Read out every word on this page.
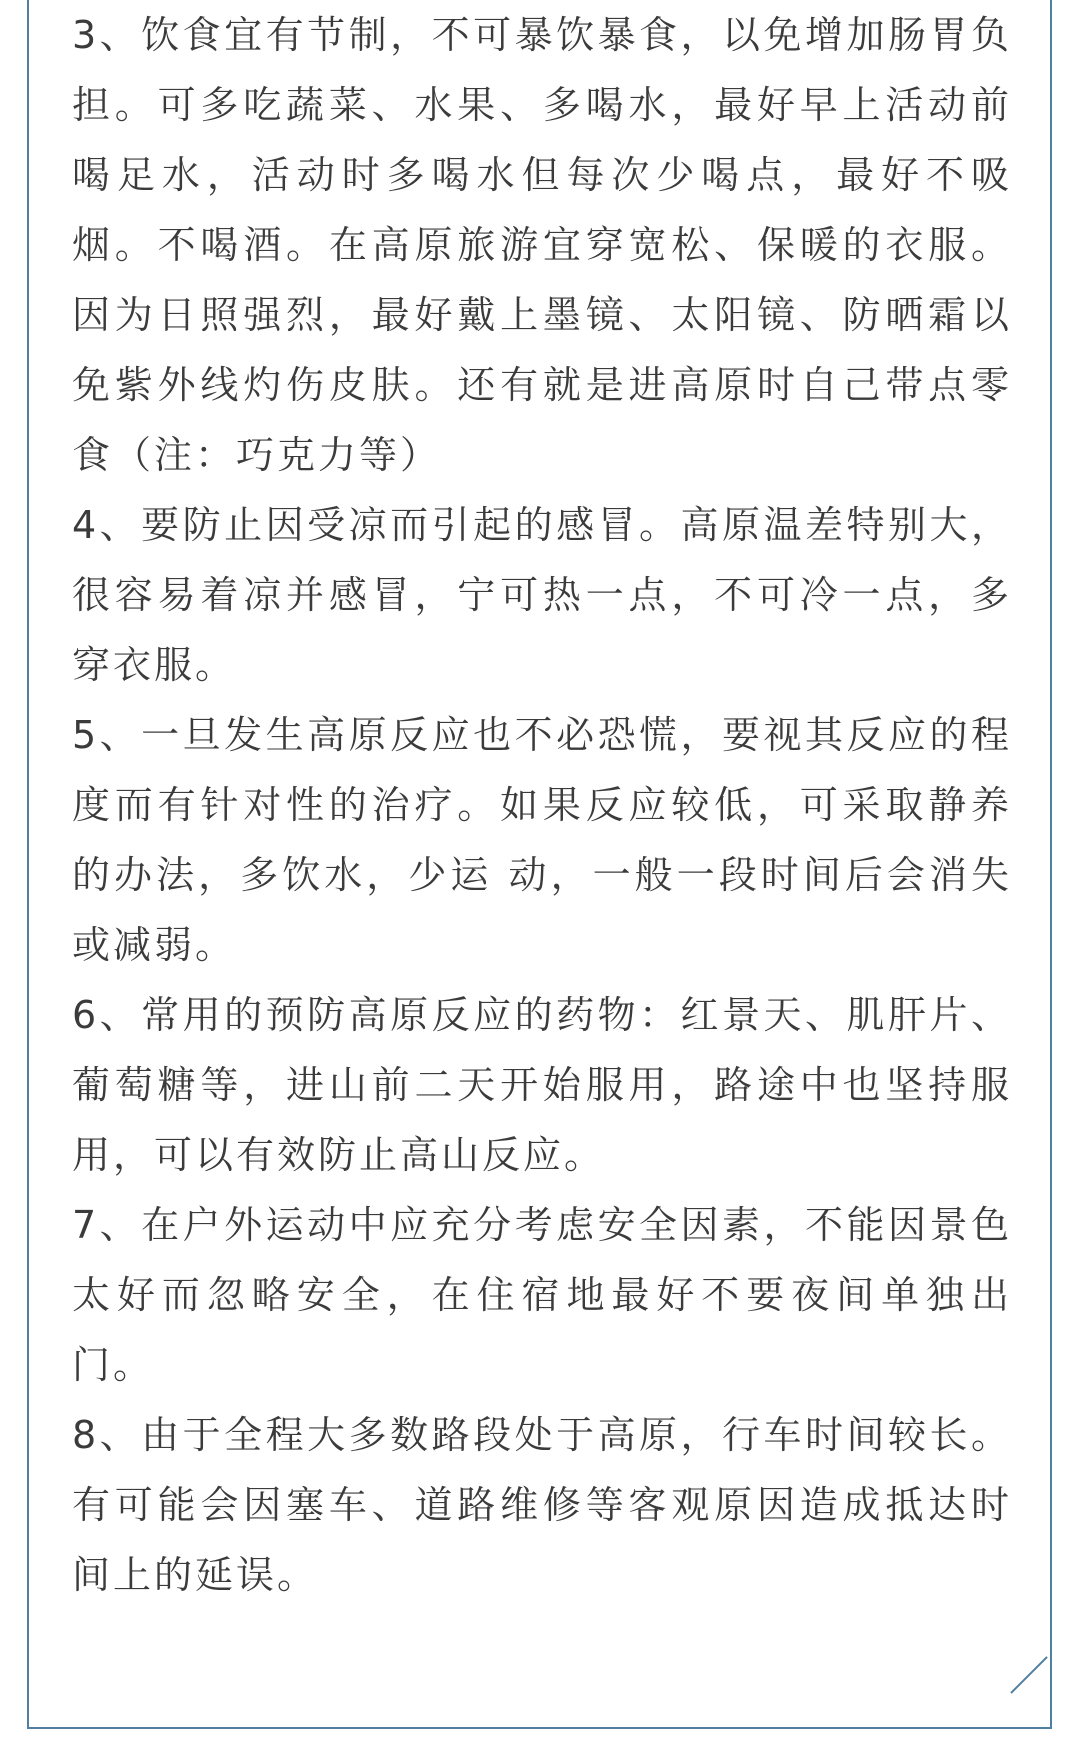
3、饮食宜有节制，不可暴饮暴食，以免增加肠胃负担。可多吃蔬菜、水果、多喝水，最好早上活动前喝足水，活动时多喝水但每次少喝点，最好不吸烟。不喝酒。在高原旅游宜穿宽松、保暖的衣服。因为日照强烈，最好戴上墨镜、太阳镜、防晒霜以免紫外线灼伤皮肤。还有就是进高原时自己带点零食（注：巧克力等）

4、要防止因受凉而引起的感冒。高原温差特别大，很容易着凉并感冒，宁可热一点，不可冷一点，多穿衣服。

5、一旦发生高原反应也不必恐慌，要视其反应的程度而有针对性的治疗。如果反应较低，可采取静养的办法，多饮水，少运 动，一般一段时间后会消失或减弱。

6、常用的预防高原反应的药物：红景天、肌肝片、葡萄糖等，进山前二天开始服用，路途中也坚持服用，可以有效防止高山反应。

7、在户外运动中应充分考虑安全因素，不能因景色太好而忽略安全，在住宿地最好不要夜间单独出门。

8、由于全程大多数路段处于高原，行车时间较长。有可能会因塞车、道路维修等客观原因造成抵达时间上的延误。
